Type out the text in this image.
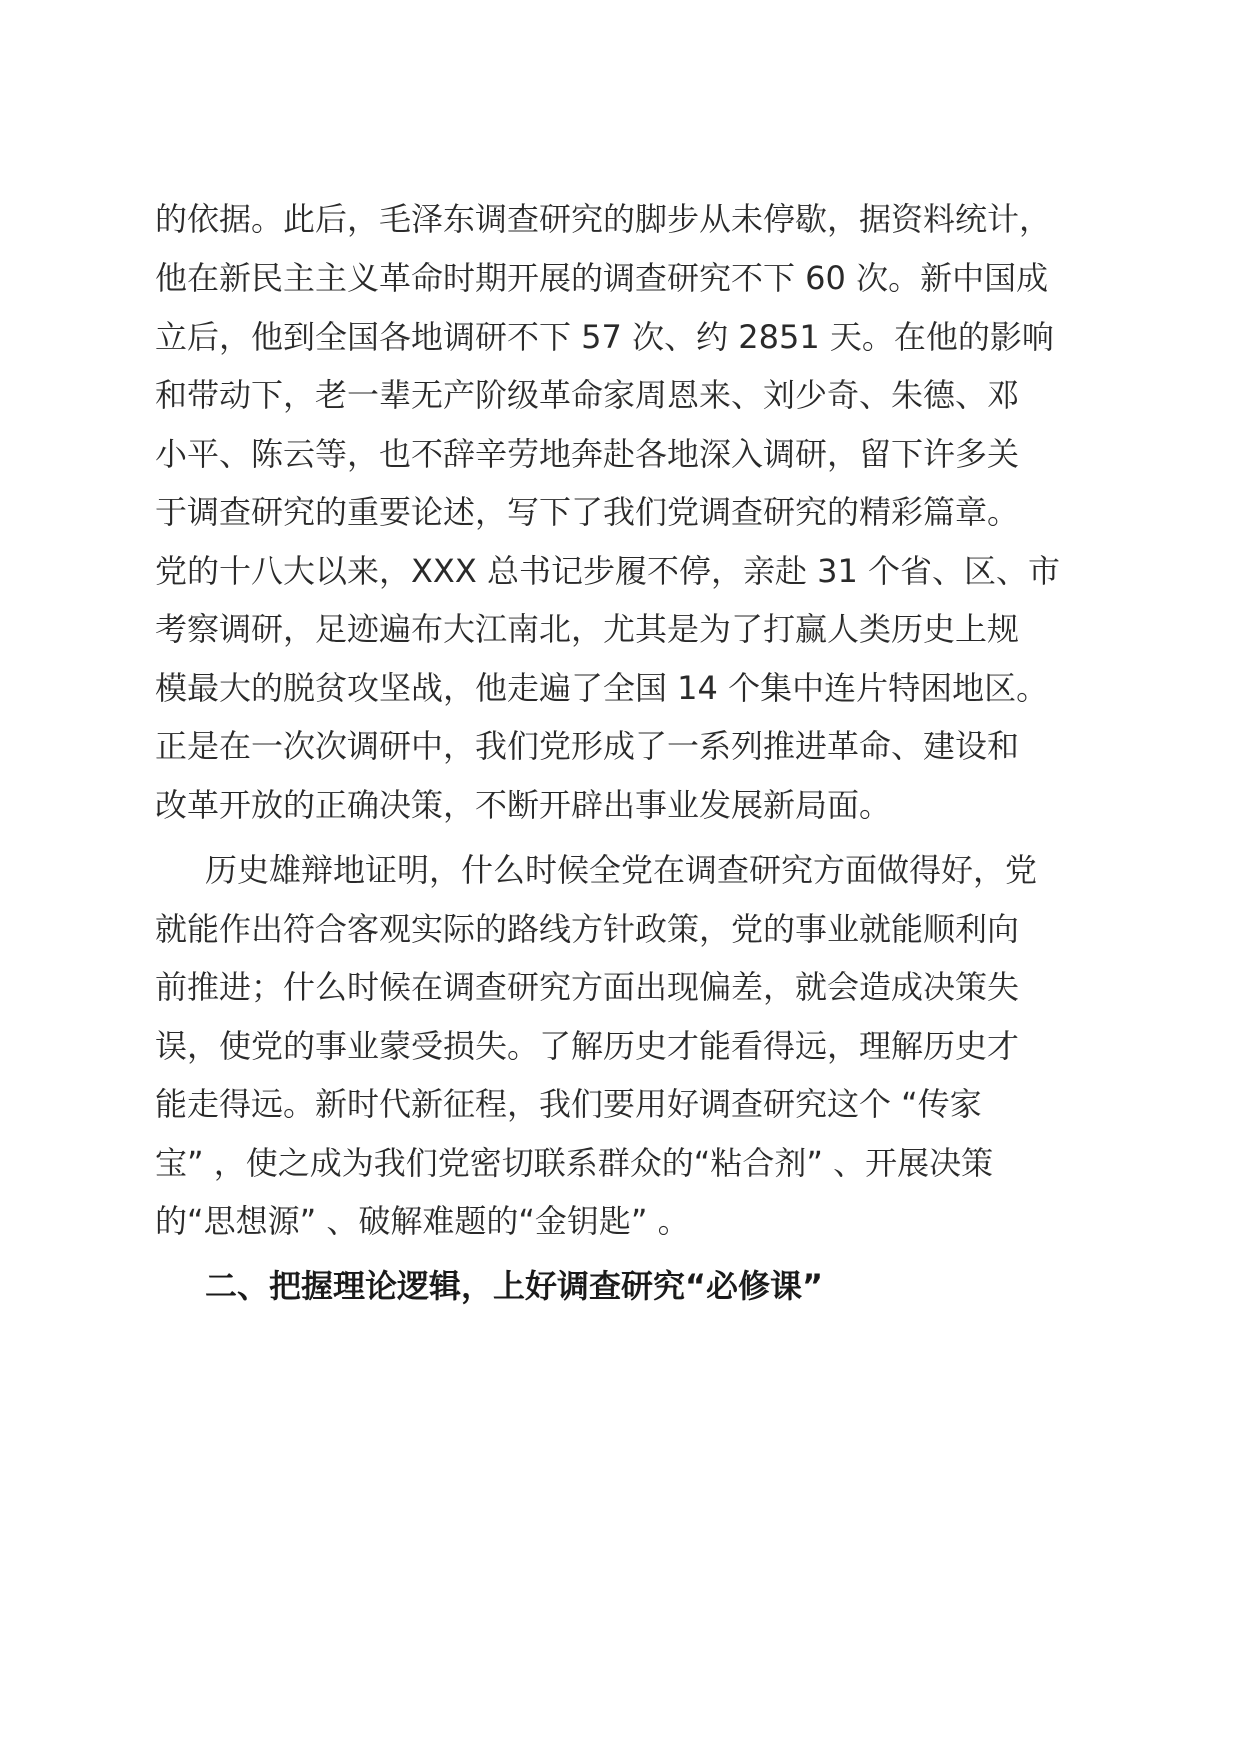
的依据。此后，毛泽东调查研究的脚步从未停歇，据资料统计，
他在新民主主义革命时期开展的调查研究不下 60 次。新中国成
立后，他到全国各地调研不下 57 次、约 2851 天。在他的影响
和带动下，老一辈无产阶级革命家周恩来、刘少奇、朱德、邓
小平、陈云等，也不辞辛劳地奔赴各地深入调研，留下许多关
于调查研究的重要论述，写下了我们党调查研究的精彩篇章。
党的十八大以来，XXX 总书记步履不停，亲赴 31 个省、区、市
考察调研，足迹遍布大江南北，尤其是为了打赢人类历史上规
模最大的脱贫攻坚战，他走遍了全国 14 个集中连片特困地区。
正是在一次次调研中，我们党形成了一系列推进革命、建设和
改革开放的正确决策，不断开辟出事业发展新局面。
历史雄辩地证明，什么时候全党在调查研究方面做得好，党
就能作出符合客观实际的路线方针政策，党的事业就能顺利向
前推进；什么时候在调查研究方面出现偏差，就会造成决策失
误，使党的事业蒙受损失。了解历史才能看得远，理解历史才
能走得远。新时代新征程，我们要用好调查研究这个 “传家
宝” ，使之成为我们党密切联系群众的“粘合剂” 、开展决策
的“思想源” 、破解难题的“金钥匙” 。
二、把握理论逻辑，上好调查研究“必修课”
